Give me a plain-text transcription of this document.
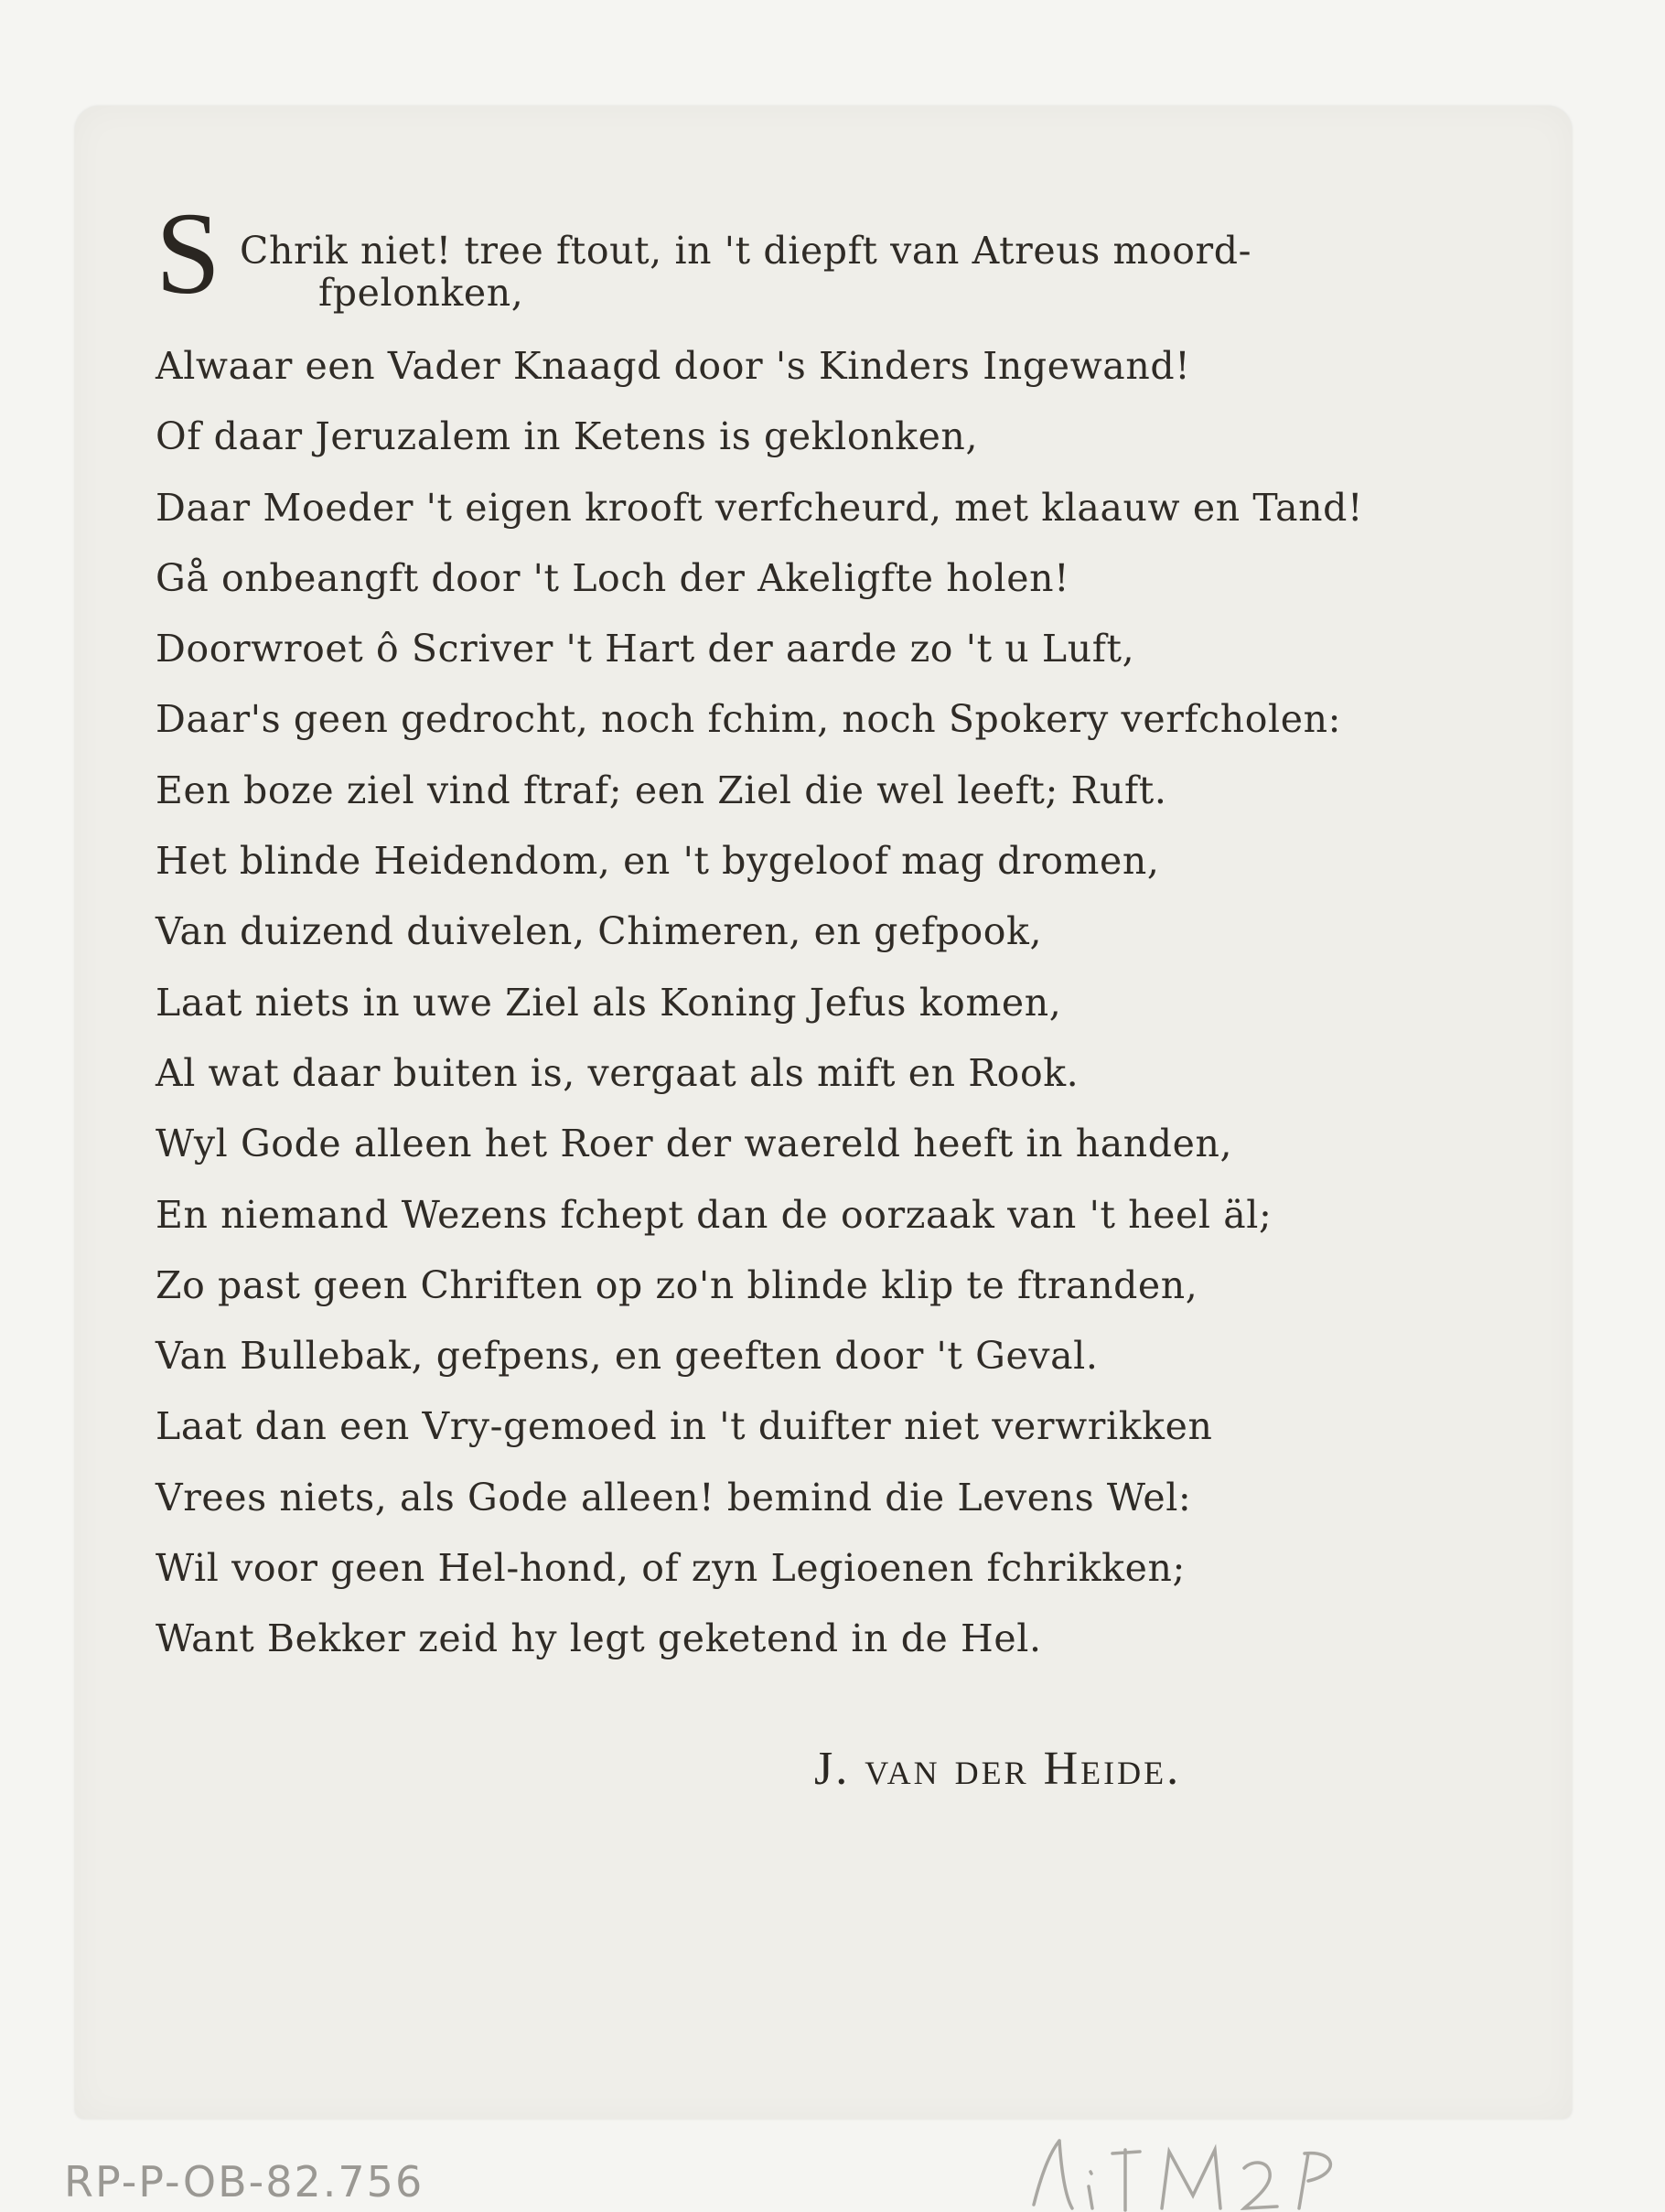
S Chrik niet! tree ftout, in 't diepft van Atreus moord-
fpelonken,
Alwaar een Vader Knaagd door 's Kinders Ingewand!
Of daar Jeruzalem in Ketens is geklonken,
Daar Moeder 't eigen krooft verfcheurd, met klaauw en Tand!
Gå onbeangft door 't Loch der Akeligfte holen!
Doorwroet ô Scriver 't Hart der aarde zo 't u Luft,
Daar's geen gedrocht, noch fchim, noch Spokery verfcholen:
Een boze ziel vind ftraf; een Ziel die wel leeft; Ruft.
Het blinde Heidendom, en 't bygeloof mag dromen,
Van duizend duivelen, Chimeren, en gefpook,
Laat niets in uwe Ziel als Koning Jefus komen,
Al wat daar buiten is, vergaat als mift en Rook.
Wyl Gode alleen het Roer der waereld heeft in handen,
En niemand Wezens fchept dan de oorzaak van 't heel äl;
Zo past geen Chriften op zo'n blinde klip te ftranden,
Van Bullebak, gefpens, en geeften door 't Geval.
Laat dan een Vry-gemoed in 't duifter niet verwrikken
Vrees niets, als Gode alleen! bemind die Levens Wel:
Wil voor geen Hel-hond, of zyn Legioenen fchrikken;
Want Bekker zeid hy legt geketend in de Hel.
J. van der Heide.
RP-P-OB-82.756
